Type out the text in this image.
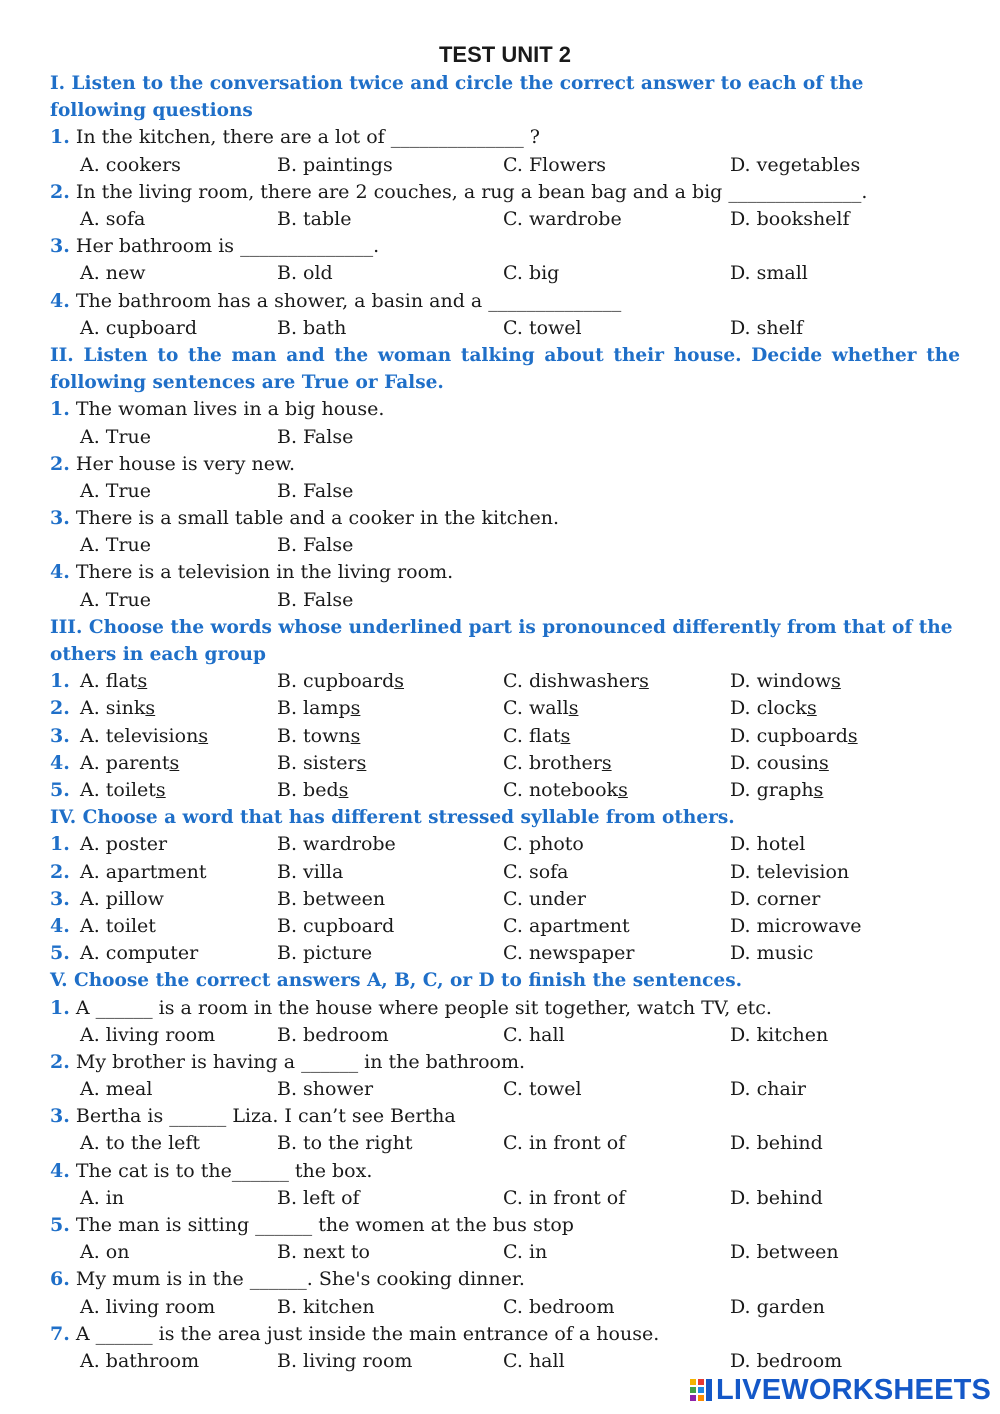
TEST UNIT 2
I. Listen to the conversation twice and circle the correct answer to each of the following questions
1. In the kitchen, there are a lot of ______________ ?
A. cookers	B. paintings	C. Flowers	D. vegetables
2. In the living room, there are 2 couches, a rug a bean bag and a big ______________.
A. sofa	B. table	C. wardrobe	D. bookshelf
3. Her bathroom is ______________.
A. new	B. old	C. big	D. small
4. The bathroom has a shower, a basin and a ______________
A. cupboard	B. bath	C. towel	D. shelf
II. Listen to the man and the woman talking about their house. Decide whether the following sentences are True or False.
1. The woman lives in a big house.
A. True	B. False
2. Her house is very new.
A. True	B. False
3. There is a small table and a cooker in the kitchen.
A. True	B. False
4. There is a television in the living room.
A. True	B. False
III. Choose the words whose underlined part is pronounced differently from that of the others in each group
1. A. flats	B. cupboards	C. dishwashers	D. windows
2. A. sinks	B. lamps	C. walls	D. clocks
3. A. televisions	B. towns	C. flats	D. cupboards
4. A. parents	B. sisters	C. brothers	D. cousins
5. A. toilets	B. beds	C. notebooks	D. graphs
IV. Choose a word that has different stressed syllable from others.
1. A. poster	B. wardrobe	C. photo	D. hotel
2. A. apartment	B. villa	C. sofa	D. television
3. A. pillow	B. between	C. under	D. corner
4. A. toilet	B. cupboard	C. apartment	D. microwave
5. A. computer	B. picture	C. newspaper	D. music
V. Choose the correct answers A, B, C, or D to finish the sentences.
1. A ______ is a room in the house where people sit together, watch TV, etc.
A. living room	B. bedroom	C. hall	D. kitchen
2. My brother is having a ______ in the bathroom.
A. meal	B. shower	C. towel	D. chair
3. Bertha is ______ Liza. I can’t see Bertha
A. to the left	B. to the right	C. in front of	D. behind
4. The cat is to the______ the box.
A. in	B. left of	C. in front of	D. behind
5. The man is sitting ______ the women at the bus stop
A. on	B. next to	C. in	D. between
6. My mum is in the ______. She's cooking dinner.
A. living room	B. kitchen	C. bedroom	D. garden
7. A ______ is the area just inside the main entrance of a house.
A. bathroom	B. living room	C. hall	D. bedroom
LIVEWORKSHEETS
